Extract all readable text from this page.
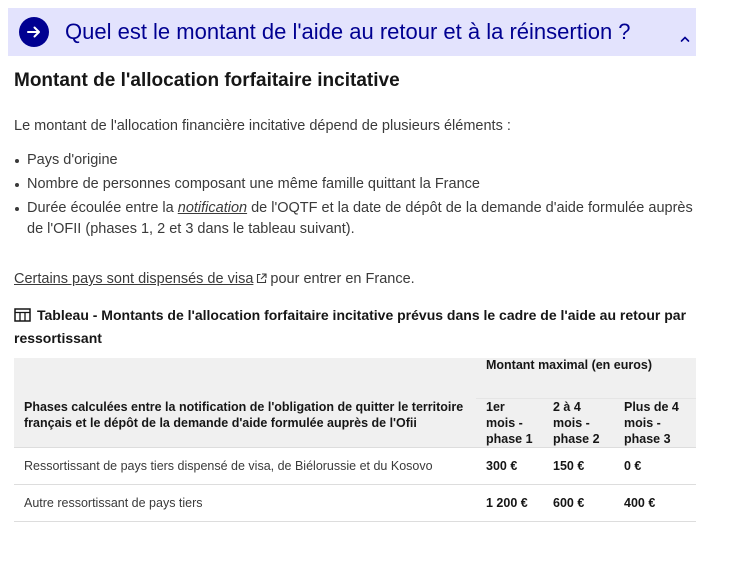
Quel est le montant de l'aide au retour et à la réinsertion ?
Montant de l'allocation forfaitaire incitative
Le montant de l'allocation financière incitative dépend de plusieurs éléments :
Pays d'origine
Nombre de personnes composant une même famille quittant la France
Durée écoulée entre la notification de l'OQTF et la date de dépôt de la demande d'aide formulée auprès de l'OFII (phases 1, 2 et 3 dans le tableau suivant).
Certains pays sont dispensés de visa pour entrer en France.
Tableau - Montants de l'allocation forfaitaire incitative prévus dans le cadre de l'aide au retour par ressortissant
	Montant maximal (en euros)		
Phases calculées entre la notification de l'obligation de quitter le territoire français et le dépôt de la demande d'aide formulée auprès de l'Ofii	1er mois - phase 1	2 à 4 mois - phase 2	Plus de 4 mois - phase 3
Ressortissant de pays tiers dispensé de visa, de Biélorussie et du Kosovo	300 €	150 €	0 €
Autre ressortissant de pays tiers	1 200 €	600 €	400 €
